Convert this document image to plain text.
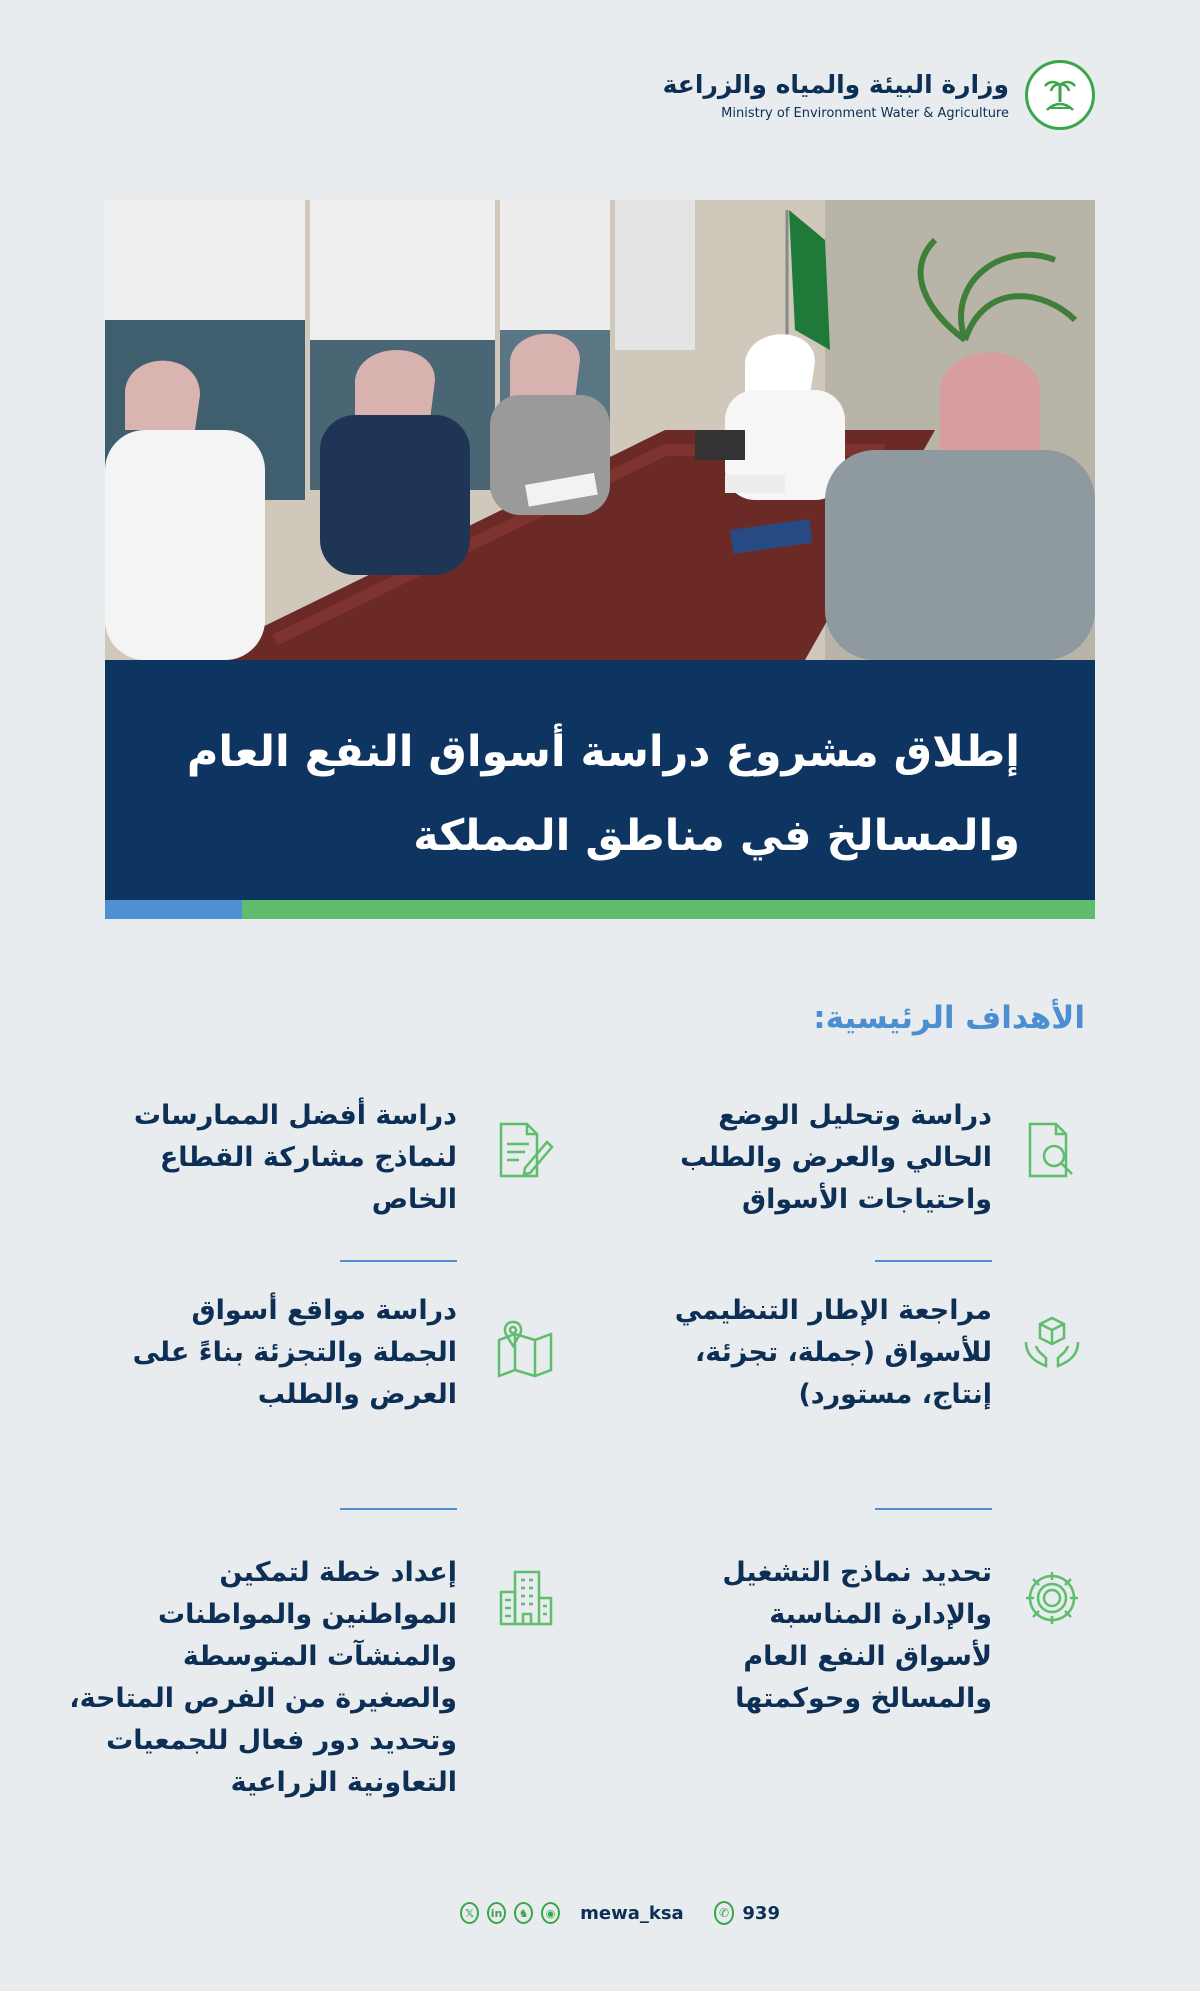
وزارة البيئة والمياه والزراعة
Ministry of Environment Water & Agriculture

إطلاق مشروع دراسة أسواق النفع العام

والمسالخ في مناطق المملكة

الأهداف الرئيسية:
دراسة وتحليل الوضع
الحالي والعرض والطلب
واحتياجات الأسواق
دراسة أفضل الممارسات
لنماذج مشاركة القطاع
الخاص
مراجعة الإطار التنظيمي
للأسواق (جملة، تجزئة،
إنتاج، مستورد)
دراسة مواقع أسواق
الجملة والتجزئة بناءً على
العرض والطلب
تحديد نماذج التشغيل
والإدارة المناسبة
لأسواق النفع العام
والمسالخ وحوكمتها
إعداد خطة لتمكين
المواطنين والمواطنات
والمنشآت المتوسطة
والصغيرة من الفرص المتاحة،
وتحديد دور فعال للجمعيات
التعاونية الزراعية
𝕏	in	♞	◉ mewa_ksa	✆ 939
